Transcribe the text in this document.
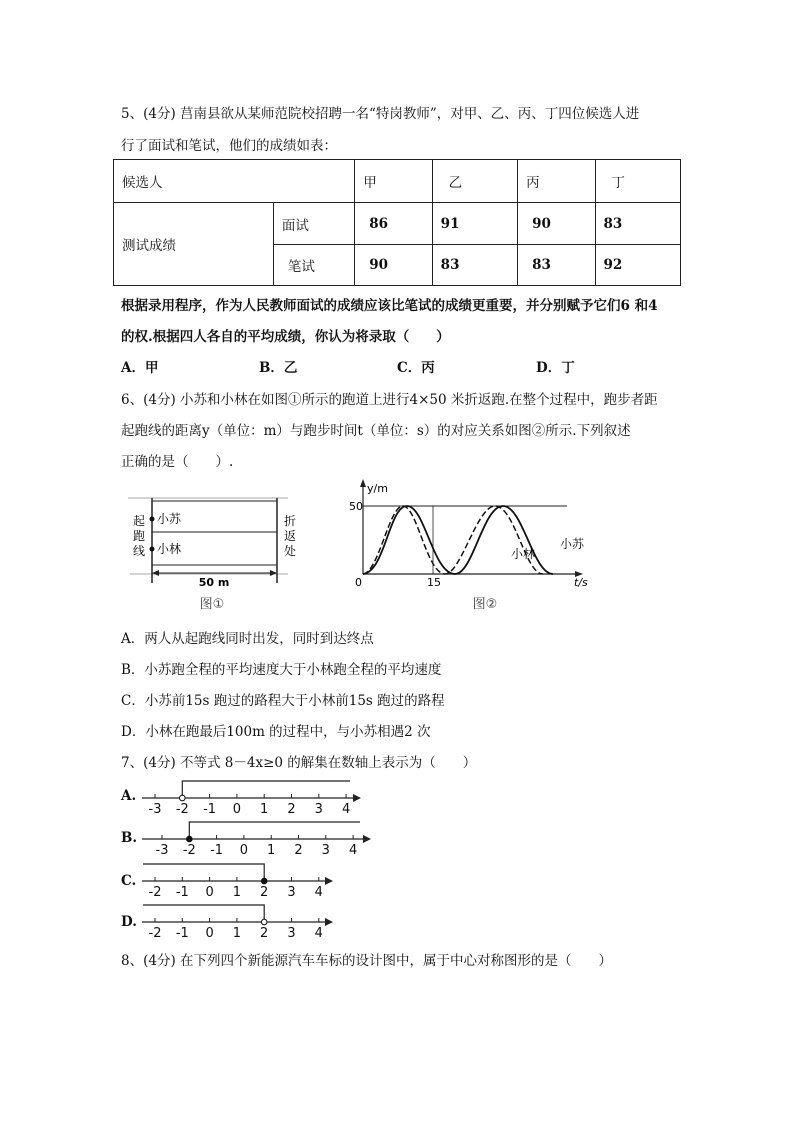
5、(4分) 莒南县欲从某师范院校招聘一名“特岗教师”，对甲、乙、丙、丁四位候选人进
行了面试和笔试，他们的成绩如表：
候选人		甲	乙	丙	丁
测试成绩	面试	86	91	90	83
	笔试	90	83	83	92
根据录用程序，作为人民教师面试的成绩应该比笔试的成绩更重要，并分别赋予它们6 和4
的权.根据四人各自的平均成绩，你认为将录取（　　）
A．甲	B．乙	C．丙	D．丁
6、(4分) 小苏和小林在如图①所示的跑道上进行4×50 米折返跑.在整个过程中，跑步者距
起跑线的距离y（单位：m）与跑步时间t（单位：s）的对应关系如图②所示.下列叙述
正确的是（　　）.
小苏
小林
起
跑
线
折
返
处
50 m
图①
y/m
t/s
50
0	15
小苏
小林
图②
A．两人从起跑线同时出发，同时到达终点
B．小苏跑全程的平均速度大于小林跑全程的平均速度
C．小苏前15s 跑过的路程大于小林前15s 跑过的路程
D．小林在跑最后100m 的过程中，与小苏相遇2 次
7、(4分) 不等式 8－4x≥0 的解集在数轴上表示为（　　）
A.
-3 -2 -1 0 1 2 3 4
B.
-3 -2 -1 0 1 2 3 4
C.
-2 -1 0 1 2 3 4
D.
-2 -1 0 1 2 3 4
8、(4分) 在下列四个新能源汽车车标的设计图中，属于中心对称图形的是（　　）
